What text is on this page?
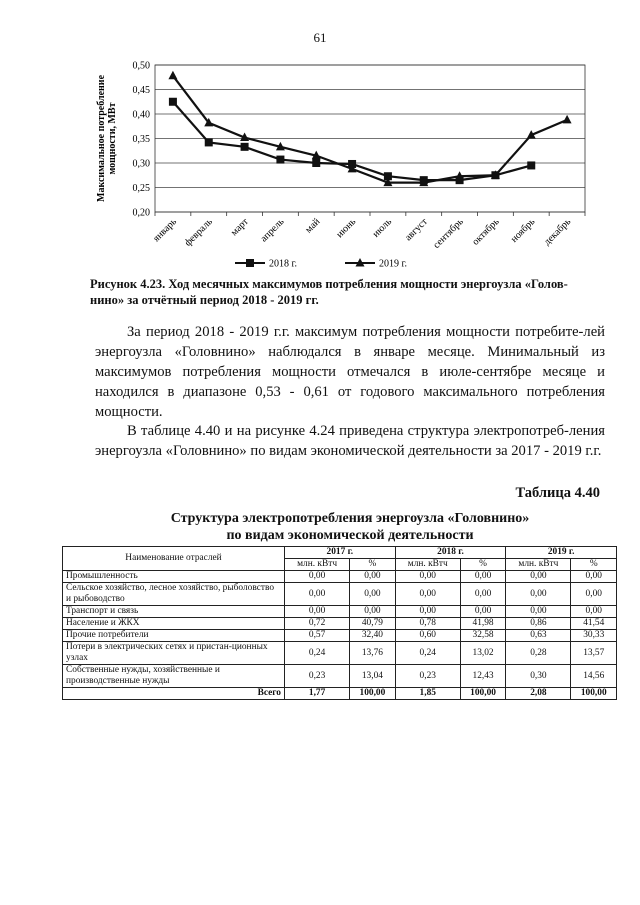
61
Максимальное потребление мощности, МВт
0,20
0,25
0,30
0,35
0,40
0,45
0,50
январь февраль март апрель май июнь июль август сентябрь октябрь ноябрь декабрь
2018 г.	2019 г.
Рисунок 4.23. Ход месячных максимумов потребления мощности энергоузла «Голов-нино» за отчётный период 2018 - 2019 гг.
За период 2018 - 2019 г.г. максимум потребления мощности потребите-лей энергоузла «Головнино» наблюдался в январе месяце. Минимальный из максимумов потребления мощности отмечался в июле-сентябре месяце и находился в диапазоне 0,53 - 0,61 от годового максимального потребления мощности.
В таблице 4.40 и на рисунке 4.24 приведена структура электропотреб-ления энергоузла «Головнино» по видам экономической деятельности за 2017 - 2019 г.г.
Таблица 4.40
Структура электропотребления энергоузла «Головнино»
по видам экономической деятельности
Наименование отраслей	2017 г.		2018 г.		2019 г.	
	млн. кВтч	%	млн. кВтч	%	млн. кВтч	%
Промышленность	0,00	0,00	0,00	0,00	0,00	0,00
Сельское хозяйство, лесное хозяйство, рыболовство и рыбоводство	0,00	0,00	0,00	0,00	0,00	0,00
Транспорт и связь	0,00	0,00	0,00	0,00	0,00	0,00
Население и ЖКХ	0,72	40,79	0,78	41,98	0,86	41,54
Прочие потребители	0,57	32,40	0,60	32,58	0,63	30,33
Потери в электрических сетях и пристан-ционных узлах	0,24	13,76	0,24	13,02	0,28	13,57
Собственные нужды, хозяйственные и производственные нужды	0,23	13,04	0,23	12,43	0,30	14,56
Всего	1,77	100,00	1,85	100,00	2,08	100,00
